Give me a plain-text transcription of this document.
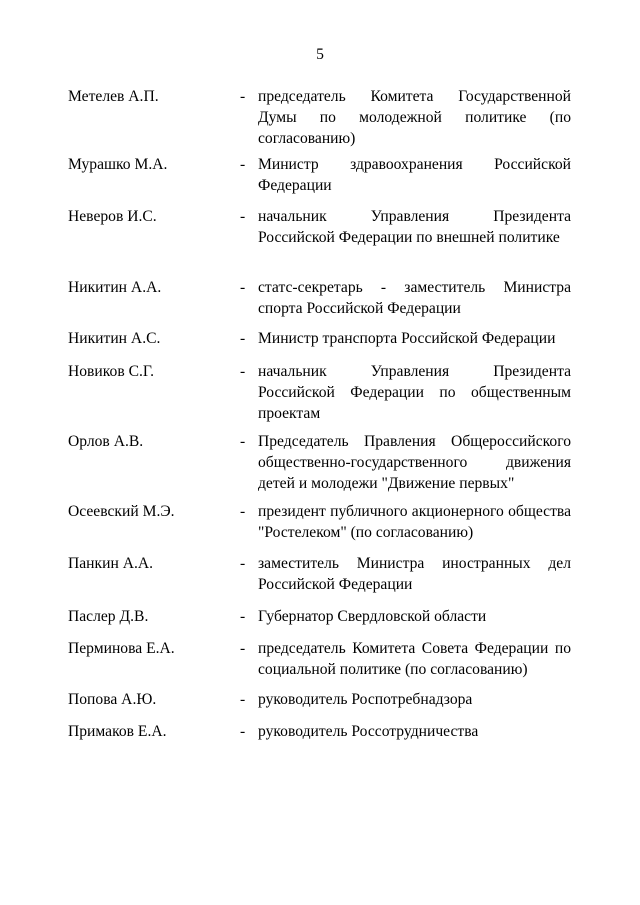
5
Метелев А.П.	- председатель Комитета Государственной Думы по молодежной политике (по согласованию)
Мурашко М.А.	- Министр здравоохранения Российской Федерации
Неверов И.С.	- начальник Управления Президента Российской Федерации по внешней политике
Никитин А.А.	- статс-секретарь - заместитель Министра спорта Российской Федерации
Никитин А.С.	- Министр транспорта Российской Федерации
Новиков С.Г.	- начальник Управления Президента Российской Федерации по общественным проектам
Орлов А.В.	- Председатель Правления Общероссийского общественно-государственного движения детей и молодежи "Движение первых"
Осеевский М.Э.	- президент публичного акционерного общества "Ростелеком" (по согласованию)
Панкин А.А.	- заместитель Министра иностранных дел Российской Федерации
Паслер Д.В.	- Губернатор Свердловской области
Перминова Е.А.	- председатель Комитета Совета Федерации по социальной политике (по согласованию)
Попова А.Ю.	- руководитель Роспотребнадзора
Примаков Е.А.	- руководитель Россотрудничества
